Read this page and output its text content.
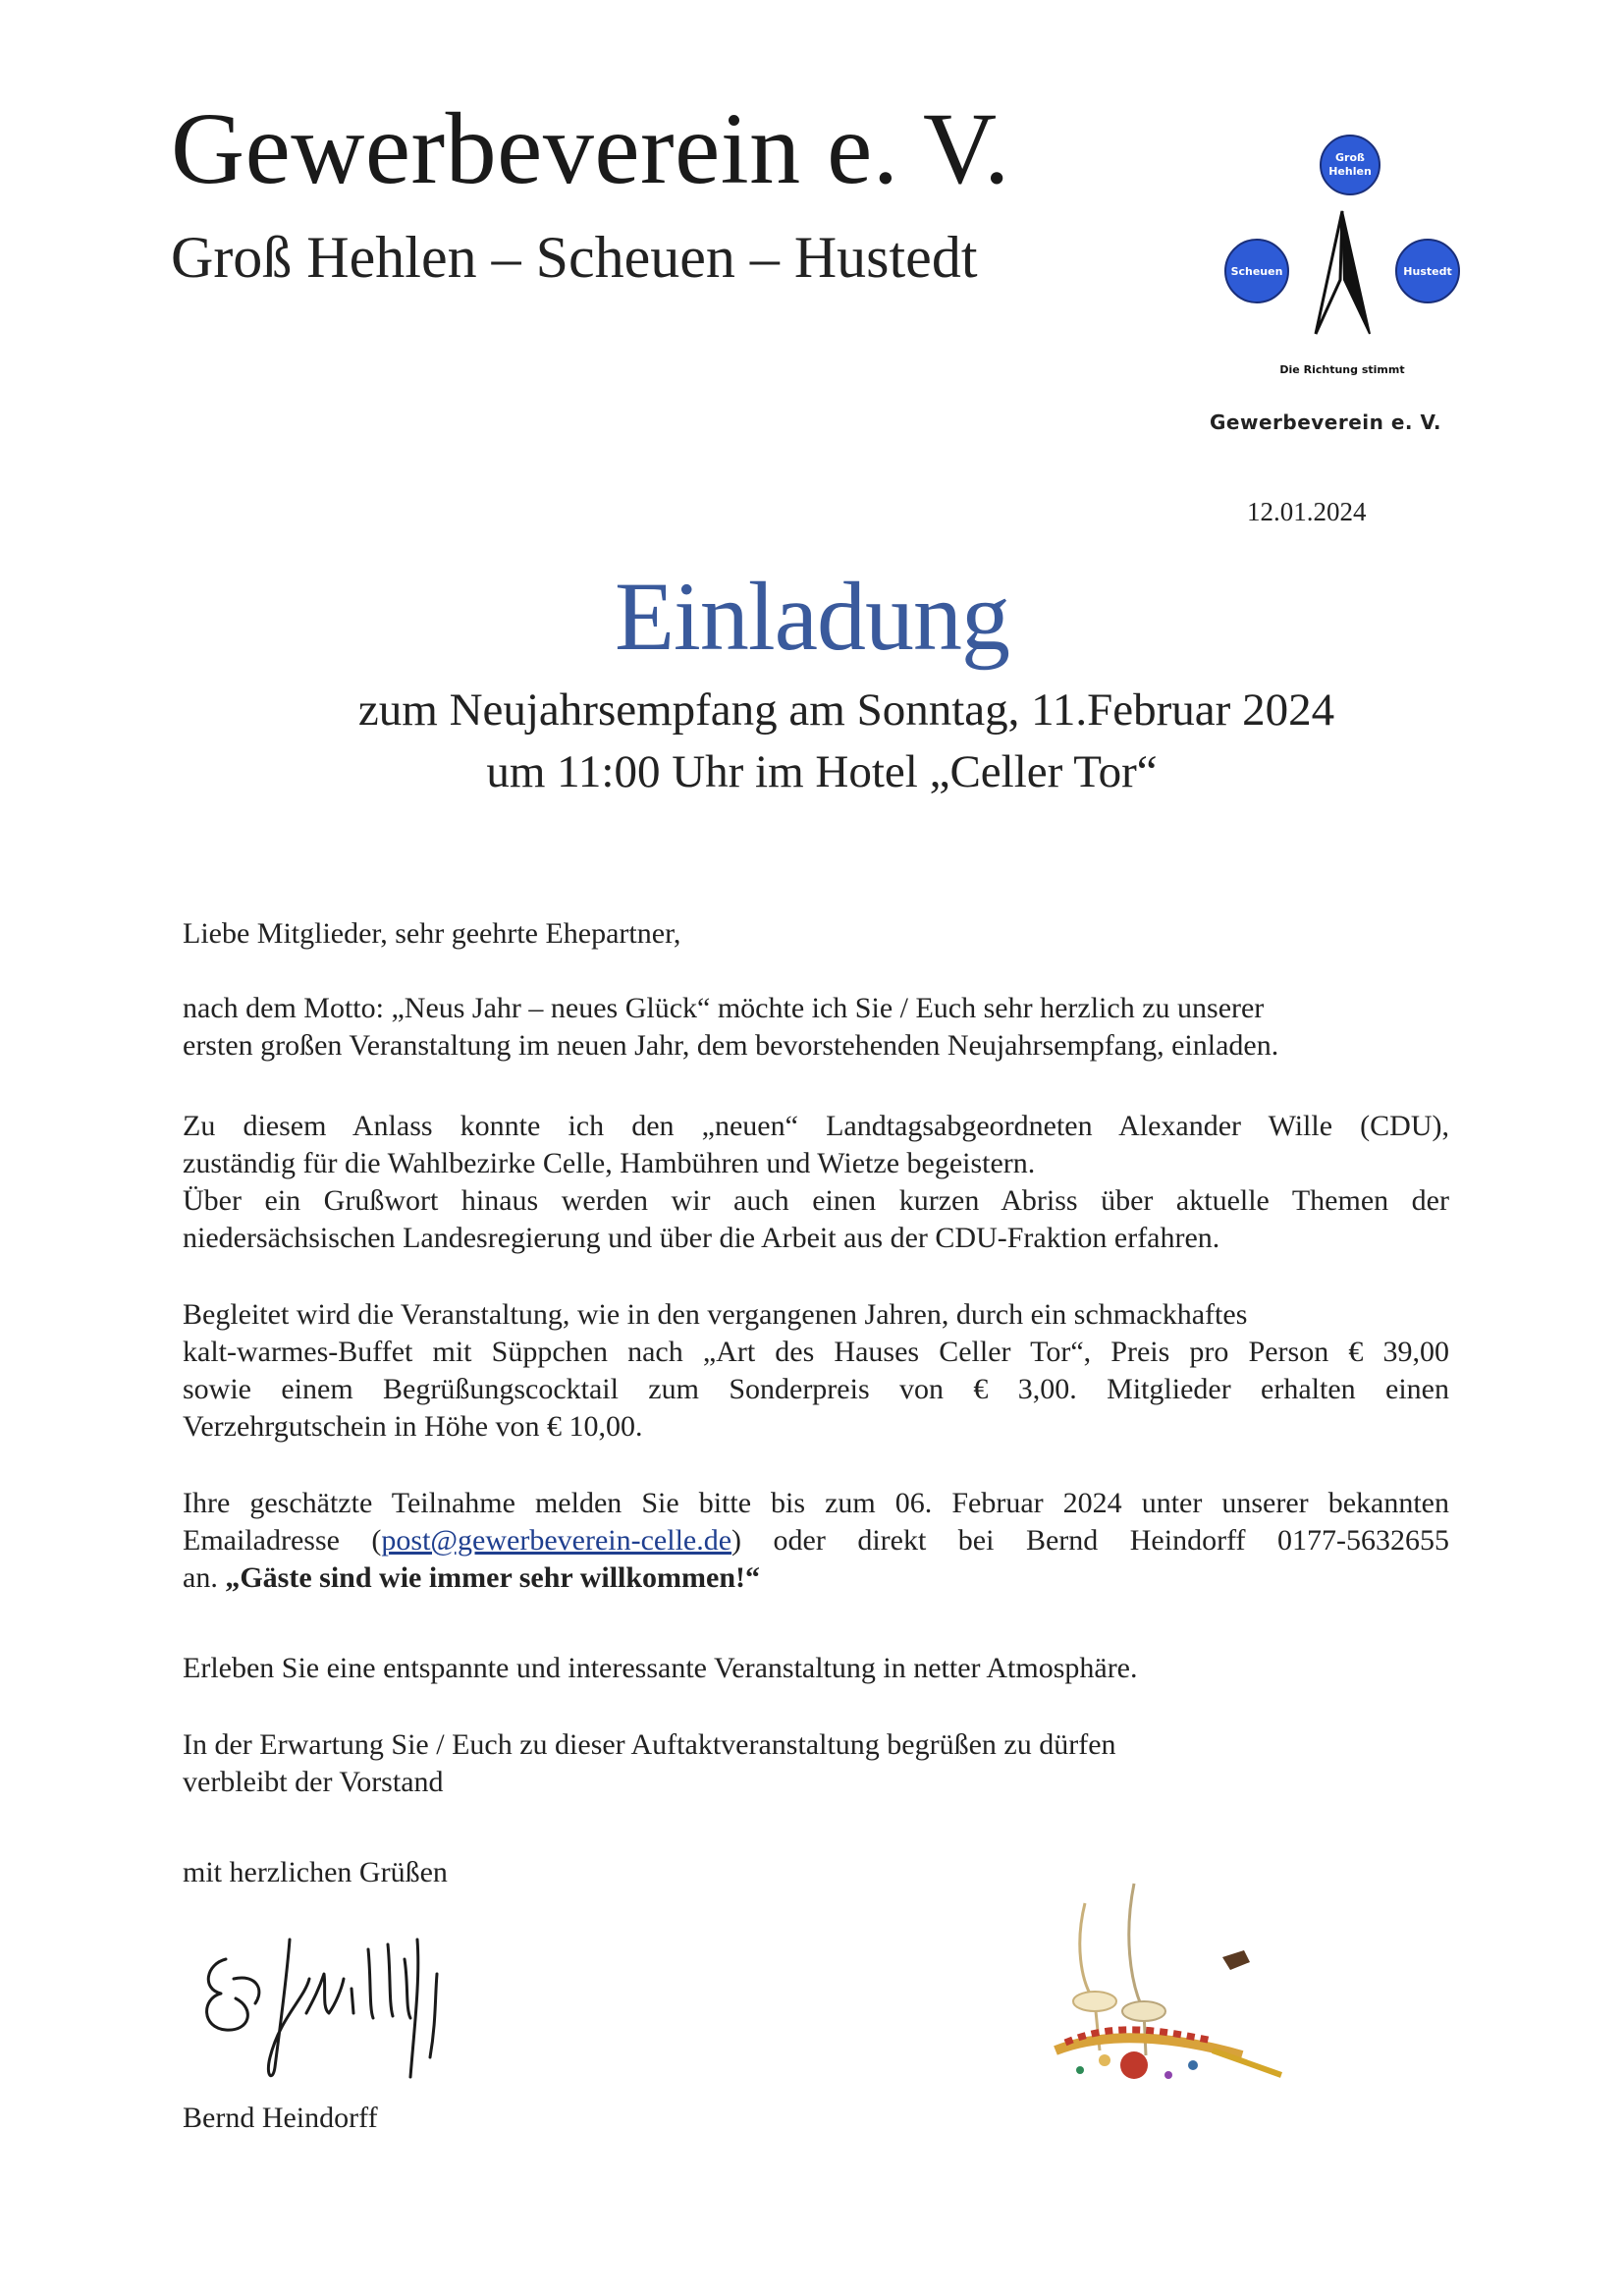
Gewerbeverein e. V.
Groß Hehlen – Scheuen – Hustedt
Groß
Hehlen
Scheuen	Hustedt
Die Richtung stimmt
Gewerbeverein e. V.
12.01.2024
Einladung
zum Neujahrsempfang am Sonntag, 11.Februar 2024
um 11:00 Uhr im Hotel „Celler Tor“
Liebe Mitglieder, sehr geehrte Ehepartner,
nach dem Motto: „Neus Jahr – neues Glück“ möchte ich Sie / Euch sehr herzlich zu unserer
ersten großen Veranstaltung im neuen Jahr, dem bevorstehenden Neujahrsempfang, einladen.
Zu diesem Anlass konnte ich den „neuen“ Landtagsabgeordneten Alexander Wille (CDU),
zuständig für die Wahlbezirke Celle, Hambühren und Wietze begeistern.
Über ein Grußwort hinaus werden wir auch einen kurzen Abriss über aktuelle Themen der
niedersächsischen Landesregierung und über die Arbeit aus der CDU-Fraktion erfahren.
Begleitet wird die Veranstaltung, wie in den vergangenen Jahren, durch ein schmackhaftes
kalt-warmes-Buffet mit Süppchen nach „Art des Hauses Celler Tor“, Preis pro Person € 39,00
sowie einem Begrüßungscocktail zum Sonderpreis von € 3,00. Mitglieder erhalten einen
Verzehrgutschein in Höhe von € 10,00.
Ihre geschätzte Teilnahme melden Sie bitte bis zum 06. Februar 2024 unter unserer bekannten
Emailadresse (post@gewerbeverein-celle.de) oder direkt bei Bernd Heindorff 0177-5632655
an. „Gäste sind wie immer sehr willkommen!“
Erleben Sie eine entspannte und interessante Veranstaltung in netter Atmosphäre.
In der Erwartung Sie / Euch zu dieser Auftaktveranstaltung begrüßen zu dürfen
verbleibt der Vorstand
mit herzlichen Grüßen
Bernd Heindorff
